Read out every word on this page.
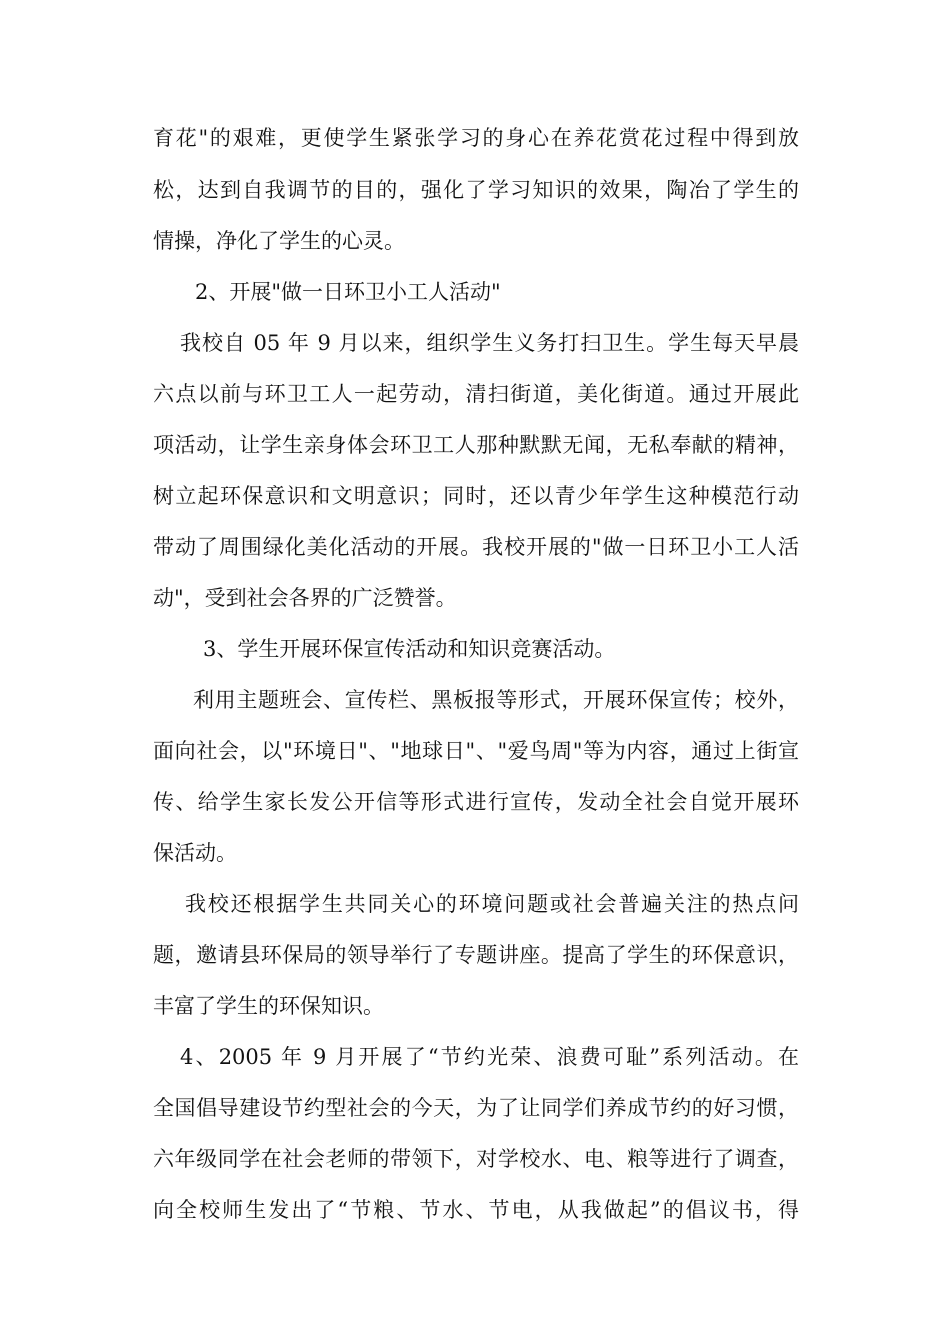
育花"的艰难，更使学生紧张学习的身心在养花赏花过程中得到放
松，达到自我调节的目的，强化了学习知识的效果，陶冶了学生的
情操，净化了学生的心灵。
2、开展"做一日环卫小工人活动"
我校自 05 年 9 月以来，组织学生义务打扫卫生。学生每天早晨
六点以前与环卫工人一起劳动，清扫街道，美化街道。通过开展此
项活动，让学生亲身体会环卫工人那种默默无闻，无私奉献的精神，
树立起环保意识和文明意识；同时，还以青少年学生这种模范行动
带动了周围绿化美化活动的开展。我校开展的"做一日环卫小工人活
动"，受到社会各界的广泛赞誉。
3、学生开展环保宣传活动和知识竞赛活动。
利用主题班会、宣传栏、黑板报等形式，开展环保宣传；校外，
面向社会，以"环境日"、"地球日"、"爱鸟周"等为内容，通过上街宣
传、给学生家长发公开信等形式进行宣传，发动全社会自觉开展环
保活动。
我校还根据学生共同关心的环境问题或社会普遍关注的热点问
题，邀请县环保局的领导举行了专题讲座。提高了学生的环保意识，
丰富了学生的环保知识。
4、2005 年 9 月开展了“节约光荣、浪费可耻”系列活动。在
全国倡导建设节约型社会的今天，为了让同学们养成节约的好习惯，
六年级同学在社会老师的带领下，对学校水、电、粮等进行了调查，
向全校师生发出了“节粮、节水、节电，从我做起”的倡议书，得
